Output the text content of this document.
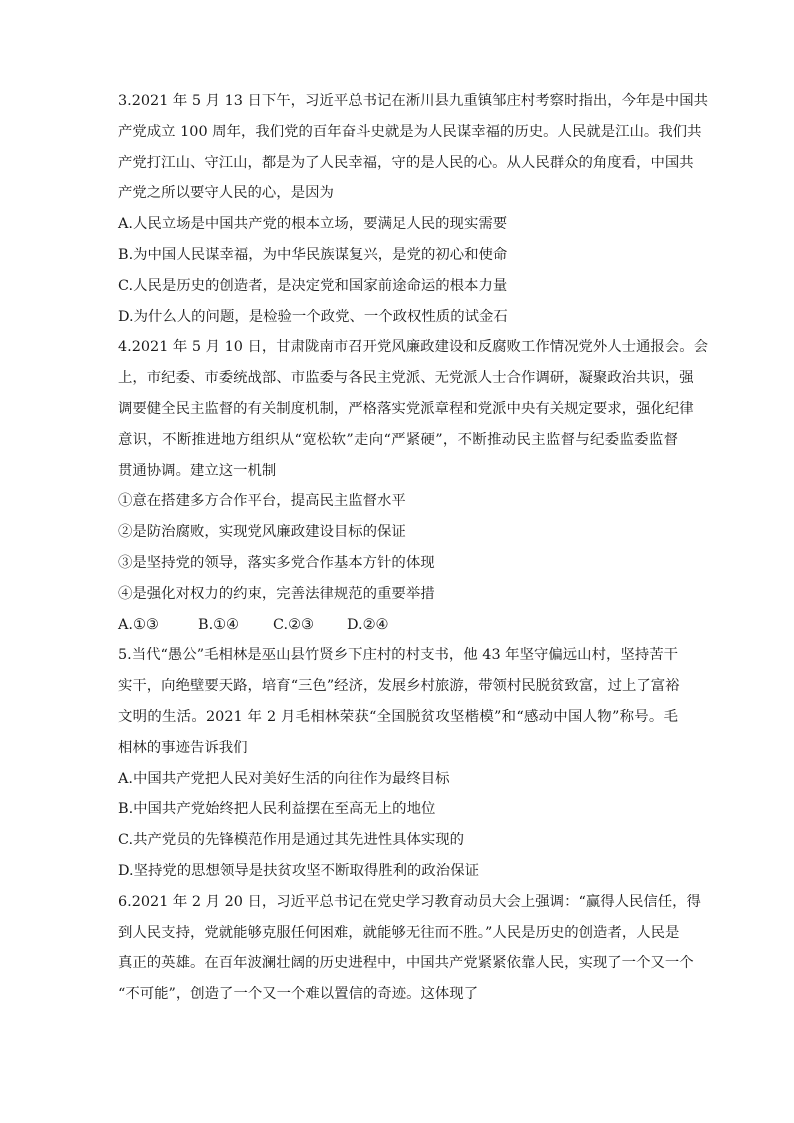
3.2021 年 5 月 13 日下午，习近平总书记在淅川县九重镇邹庄村考察时指出，今年是中国共
产党成立 100 周年，我们党的百年奋斗史就是为人民谋幸福的历史。人民就是江山。我们共
产党打江山、守江山，都是为了人民幸福，守的是人民的心。从人民群众的角度看，中国共
产党之所以要守人民的心，是因为
A.人民立场是中国共产党的根本立场，要满足人民的现实需要
B.为中国人民谋幸福，为中华民族谋复兴，是党的初心和使命
C.人民是历史的创造者，是决定党和国家前途命运的根本力量
D.为什么人的问题，是检验一个政党、一个政权性质的试金石
4.2021 年 5 月 10 日，甘肃陇南市召开党风廉政建设和反腐败工作情况党外人士通报会。会
上，市纪委、市委统战部、市监委与各民主党派、无党派人士合作调研，凝聚政治共识，强
调要健全民主监督的有关制度机制，严格落实党派章程和党派中央有关规定要求，强化纪律
意识，不断推进地方组织从“宽松软”走向“严紧硬”，不断推动民主监督与纪委监委监督
贯通协调。建立这一机制
①意在搭建多方合作平台，提高民主监督水平
②是防治腐败，实现党风廉政建设目标的保证
③是坚持党的领导，落实多党合作基本方针的体现
④是强化对权力的约束，完善法律规范的重要举措
A.①③	B.①④	C.②③	D.②④
5.当代“愚公”毛相林是巫山县竹贤乡下庄村的村支书，他 43 年坚守偏远山村，坚持苦干
实干，向绝壁要天路，培育“三色”经济，发展乡村旅游，带领村民脱贫致富，过上了富裕
文明的生活。2021 年 2 月毛相林荣获“全国脱贫攻坚楷模”和“感动中国人物”称号。毛
相林的事迹告诉我们
A.中国共产党把人民对美好生活的向往作为最终目标
B.中国共产党始终把人民利益摆在至高无上的地位
C.共产党员的先锋模范作用是通过其先进性具体实现的
D.坚持党的思想领导是扶贫攻坚不断取得胜利的政治保证
6.2021 年 2 月 20 日，习近平总书记在党史学习教育动员大会上强调：“赢得人民信任，得
到人民支持，党就能够克服任何困难，就能够无往而不胜。”人民是历史的创造者，人民是
真正的英雄。在百年波澜壮阔的历史进程中，中国共产党紧紧依靠人民，实现了一个又一个
“不可能”，创造了一个又一个难以置信的奇迹。这体现了
